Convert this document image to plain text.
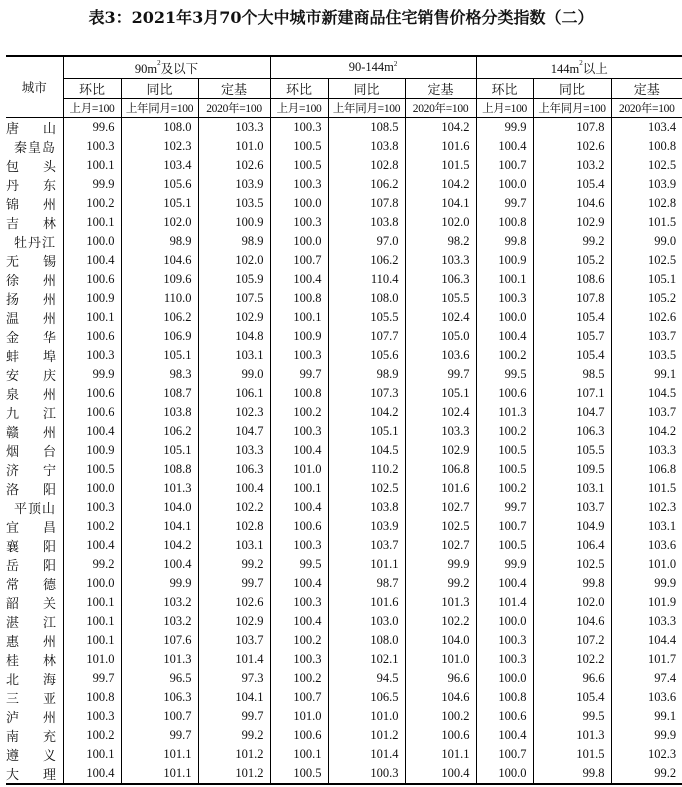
表3：2021年3月70个大中城市新建商品住宅销售价格分类指数（二）
城市	$90m^2$及以下			$90-144m^2$			$144m^2$以上		
	环比	同比	定基	环比	同比	定基	环比	同比	定基
	上月=100	上年同月=100	2020年=100	上月=100	上年同月=100	2020年=100	上月=100	上年同月=100	2020年=100

唐 山	99.6	108.0	103.3	100.3	108.5	104.2	99.9	107.8	103.4

秦皇岛	100.3	102.3	101.0	100.5	103.8	101.6	100.4	102.6	100.8

包 头	100.1	103.4	102.6	100.5	102.8	101.5	100.7	103.2	102.5

丹 东	99.9	105.6	103.9	100.3	106.2	104.2	100.0	105.4	103.9

锦 州	100.2	105.1	103.5	100.0	107.8	104.1	99.7	104.6	102.8

吉 林	100.1	102.0	100.9	100.3	103.8	102.0	100.8	102.9	101.5

牡丹江	100.0	98.9	98.9	100.0	97.0	98.2	99.8	99.2	99.0

无 锡	100.4	104.6	102.0	100.7	106.2	103.3	100.9	105.2	102.5

徐 州	100.6	109.6	105.9	100.4	110.4	106.3	100.1	108.6	105.1

扬 州	100.9	110.0	107.5	100.8	108.0	105.5	100.3	107.8	105.2

温 州	100.1	106.2	102.9	100.1	105.5	102.4	100.0	105.4	102.6

金 华	100.6	106.9	104.8	100.9	107.7	105.0	100.4	105.7	103.7

蚌 埠	100.3	105.1	103.1	100.3	105.6	103.6	100.2	105.4	103.5

安 庆	99.9	98.3	99.0	99.7	98.9	99.7	99.5	98.5	99.1

泉 州	100.6	108.7	106.1	100.8	107.3	105.1	100.6	107.1	104.5

九 江	100.6	103.8	102.3	100.2	104.2	102.4	101.3	104.7	103.7

赣 州	100.4	106.2	104.7	100.3	105.1	103.3	100.2	106.3	104.2

烟 台	100.9	105.1	103.3	100.4	104.5	102.9	100.5	105.5	103.3

济 宁	100.5	108.8	106.3	101.0	110.2	106.8	100.5	109.5	106.8

洛 阳	100.0	101.3	100.4	100.1	102.5	101.6	100.2	103.1	101.5

平顶山	100.3	104.0	102.2	100.4	103.8	102.7	99.7	103.7	102.3

宜 昌	100.2	104.1	102.8	100.6	103.9	102.5	100.7	104.9	103.1

襄 阳	100.4	104.2	103.1	100.3	103.7	102.7	100.5	106.4	103.6

岳 阳	99.2	100.4	99.2	99.5	101.1	99.9	99.9	102.5	101.0

常 德	100.0	99.9	99.7	100.4	98.7	99.2	100.4	99.8	99.9

韶 关	100.1	103.2	102.6	100.3	101.6	101.3	101.4	102.0	101.9

湛 江	100.1	103.2	102.9	100.4	103.0	102.2	100.0	104.6	103.3

惠 州	100.1	107.6	103.7	100.2	108.0	104.0	100.3	107.2	104.4

桂 林	101.0	101.3	101.4	100.3	102.1	101.0	100.3	102.2	101.7

北 海	99.7	96.5	97.3	100.2	94.5	96.6	100.0	96.6	97.4

三 亚	100.8	106.3	104.1	100.7	106.5	104.6	100.8	105.4	103.6

泸 州	100.3	100.7	99.7	101.0	101.0	100.2	100.6	99.5	99.1

南 充	100.2	99.7	99.2	100.6	101.2	100.6	100.4	101.3	99.9

遵 义	100.1	101.1	101.2	100.1	101.4	101.1	100.7	101.5	102.3

大 理	100.4	101.1	101.2	100.5	100.3	100.4	100.0	99.8	99.2
